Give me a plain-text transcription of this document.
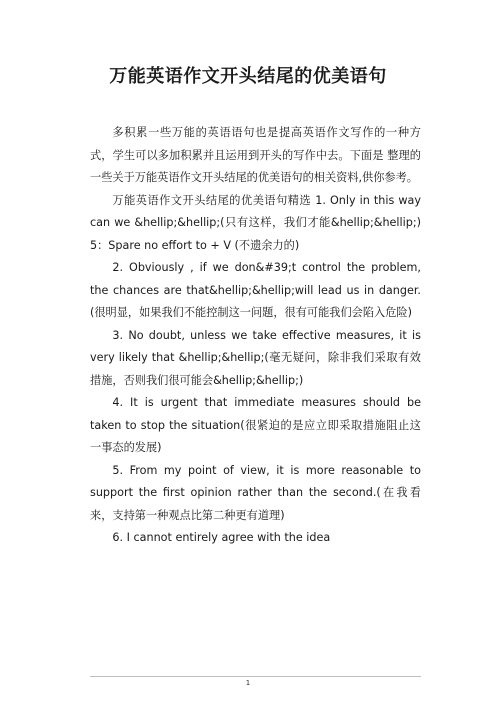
万能英语作文开头结尾的优美语句

多积累一些万能的英语语句也是提高英语作文写作的一种方式，学生可以多加积累并且运用到开头的写作中去。下面是 整理的一些关于万能英语作文开头结尾的优美语句的相关资料,供你参考。

万能英语作文开头结尾的优美语句精选 1. Only in this way can we &hellip;&hellip;(只有这样，我们才能&hellip;&hellip;) 5：Spare no effort to + V (不遗余力的)

2. Obviously , if we don&#39;t control the problem, the chances are that&hellip;&hellip;will lead us in danger.(很明显，如果我们不能控制这一问题，很有可能我们会陷入危险)

3. No doubt, unless we take effective measures, it is very likely that &hellip;&hellip;(毫无疑问，除非我们采取有效措施，否则我们很可能会&hellip;&hellip;)

4. It is urgent that immediate measures should be taken to stop the situation(很紧迫的是应立即采取措施阻止这一事态的发展)

5. From my point of view, it is more reasonable to support the first opinion rather than the second.(在我看来，支持第一种观点比第二种更有道理)

6. I cannot entirely agree with the idea

1
